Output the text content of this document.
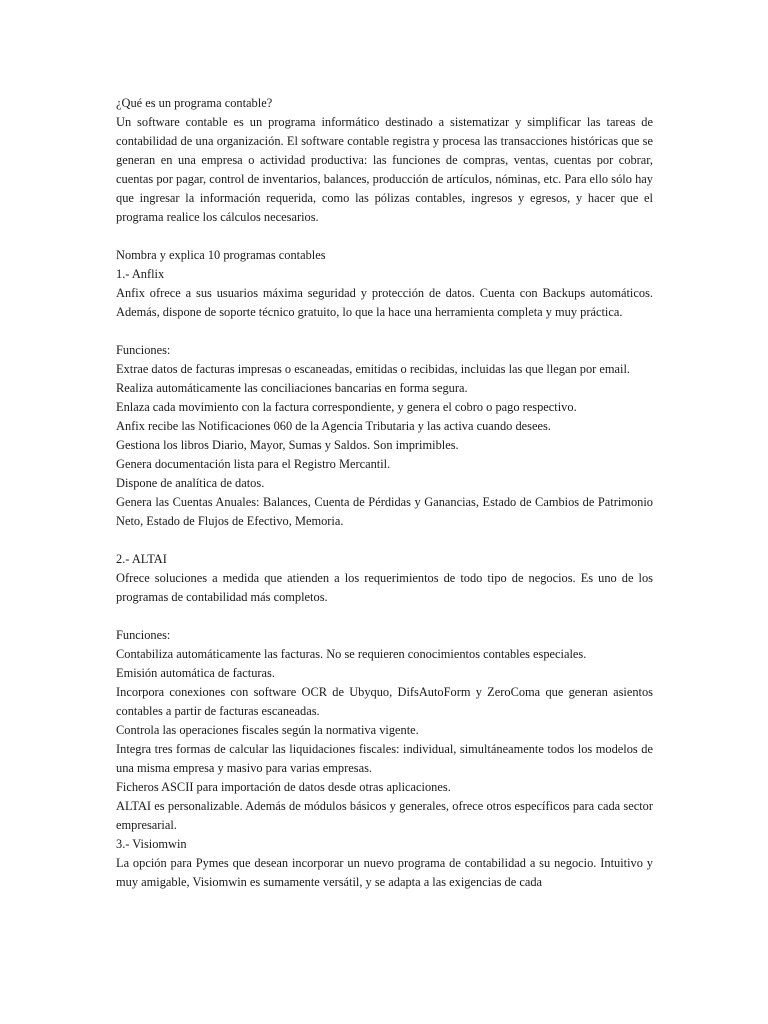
¿Qué es un programa contable?

Un software contable es un programa informático destinado a sistematizar y simplificar las tareas de contabilidad de una organización. El software contable registra y procesa las transacciones históricas que se generan en una empresa o actividad productiva: las funciones de compras, ventas, cuentas por cobrar, cuentas por pagar, control de inventarios, balances, producción de artículos, nóminas, etc. Para ello sólo hay que ingresar la información requerida, como las pólizas contables, ingresos y egresos, y hacer que el programa realice los cálculos necesarios.

Nombra y explica 10 programas contables

1.- Anflix

Anfix ofrece a sus usuarios máxima seguridad y protección de datos. Cuenta con Backups automáticos. Además, dispone de soporte técnico gratuito, lo que la hace una herramienta completa y muy práctica.

Funciones:

Extrae datos de facturas impresas o escaneadas, emitidas o recibidas, incluidas las que llegan por email.

Realiza automáticamente las conciliaciones bancarias en forma segura.

Enlaza cada movimiento con la factura correspondiente, y genera el cobro o pago respectivo.

Anfix recibe las Notificaciones 060 de la Agencia Tributaria y las activa cuando desees.

Gestiona los libros Diario, Mayor, Sumas y Saldos. Son imprimibles.

Genera documentación lista para el Registro Mercantil.

Dispone de analítica de datos.

Genera las Cuentas Anuales: Balances, Cuenta de Pérdidas y Ganancias, Estado de Cambios de Patrimonio Neto, Estado de Flujos de Efectivo, Memoria.

2.- ALTAI

Ofrece soluciones a medida que atienden a los requerimientos de todo tipo de negocios. Es uno de los programas de contabilidad más completos.

Funciones:

Contabiliza automáticamente las facturas. No se requieren conocimientos contables especiales.

Emisión automática de facturas.

Incorpora conexiones con software OCR de Ubyquo, DifsAutoForm y ZeroComa que generan asientos contables a partir de facturas escaneadas.

Controla las operaciones fiscales según la normativa vigente.

Integra tres formas de calcular las liquidaciones fiscales: individual, simultáneamente todos los modelos de una misma empresa y masivo para varias empresas.

Ficheros ASCII para importación de datos desde otras aplicaciones.

ALTAI es personalizable. Además de módulos básicos y generales, ofrece otros específicos para cada sector empresarial.

3.- Visiomwin

La opción para Pymes que desean incorporar un nuevo programa de contabilidad a su negocio. Intuitivo y muy amigable, Visiomwin es sumamente versátil, y se adapta a las exigencias de cada
